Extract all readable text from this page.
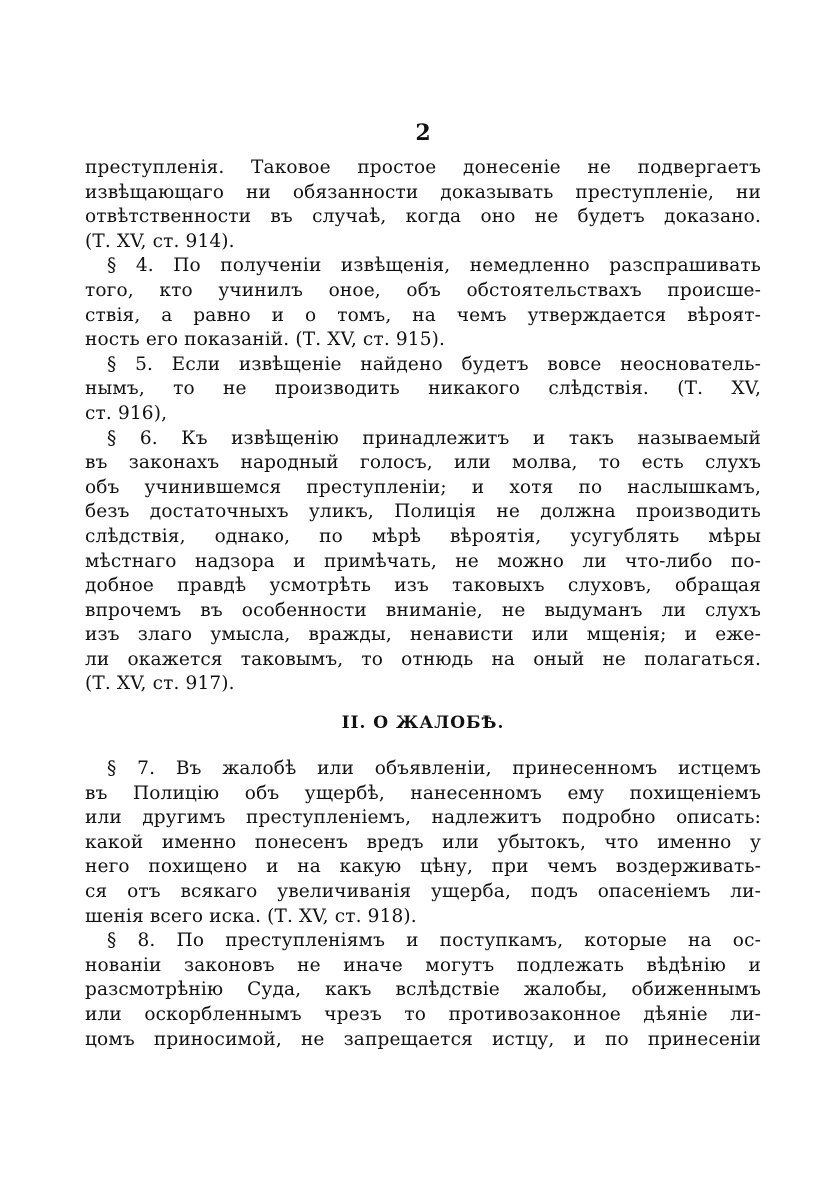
2
преступленія. Таковое простое донесеніе не подвергаетъ
извѣщающаго ни обязанности доказывать преступленіе, ни
отвѣтственности въ случаѣ, когда оно не будетъ доказано.
(Т. XV, ст. 914).
§ 4. По полученіи извѣщенія, немедленно разспрашивать
того, кто учинилъ оное, объ обстоятельствахъ происше-
ствія, а равно и о томъ, на чемъ утверждается вѣроят-
ность его показаній. (Т. XV, ст. 915).
§ 5. Если извѣщеніе найдено будетъ вовсе неоснователь-
нымъ, то не производить никакого слѣдствія. (Т. XV,
ст. 916),
§ 6. Къ извѣщенію принадлежитъ и такъ называемый
въ законахъ народный голосъ, или молва, то есть слухъ
объ учинившемся преступленіи; и хотя по наслышкамъ,
безъ достаточныхъ уликъ, Полиція не должна производить
слѣдствія, однако, по мѣрѣ вѣроятія, усугублять мѣры
мѣстнаго надзора и примѣчать, не можно ли что-либо по-
добное правдѣ усмотрѣть изъ таковыхъ слуховъ, обращая
впрочемъ въ особенности вниманіе, не выдуманъ ли слухъ
изъ злаго умысла, вражды, ненависти или мщенія; и еже-
ли окажется таковымъ, то отнюдь на оный не полагаться.
(Т. XV, ст. 917).
II. О ЖАЛОБѢ.
§ 7. Въ жалобѣ или объявленіи, принесенномъ истцемъ
въ Полицію объ ущербѣ, нанесенномъ ему похищеніемъ
или другимъ преступленіемъ, надлежитъ подробно описать:
какой именно понесенъ вредъ или убытокъ, что именно у
него похищено и на какую цѣну, при чемъ воздерживать-
ся отъ всякаго увеличиванія ущерба, подъ опасеніемъ ли-
шенія всего иска. (Т. XV, ст. 918).
§ 8. По преступленіямъ и поступкамъ, которые на ос-
нованіи законовъ не иначе могутъ подлежать вѣдѣнію и
разсмотрѣнію Суда, какъ вслѣдствіе жалобы, обиженнымъ
или оскорбленнымъ чрезъ то противозаконное дѣяніе ли-
цомъ приносимой, не запрещается истцу, и по принесеніи
